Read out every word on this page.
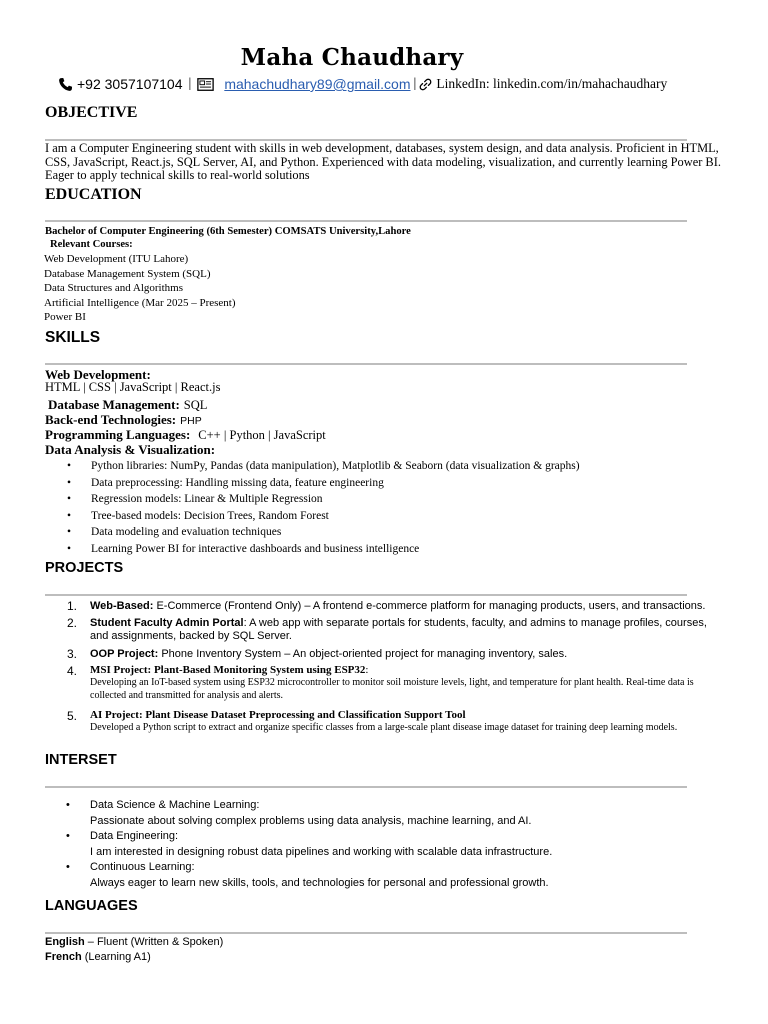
Maha Chaudhary
+92 3057107104 | mahachudhary89@gmail.com | LinkedIn: linkedin.com/in/mahachaudhary
OBJECTIVE
I am a Computer Engineering student with skills in web development, databases, system design, and data analysis. Proficient in HTML, CSS, JavaScript, React.js, SQL Server, AI, and Python. Experienced with data modeling, visualization, and currently learning Power BI. Eager to apply technical skills to real-world solutions
EDUCATION
Bachelor of Computer Engineering (6th Semester) COMSATS University,Lahore
Relevant Courses:
Web Development (ITU Lahore)
Database Management System (SQL)
Data Structures and Algorithms
Artificial Intelligence (Mar 2025 – Present)
Power BI
SKILLS
Web Development:
HTML | CSS | JavaScript | React.js
Database Management: SQL
Back-end Technologies: PHP
Programming Languages: C++ | Python | JavaScript
Data Analysis & Visualization:
• Python libraries: NumPy, Pandas (data manipulation), Matplotlib & Seaborn (data visualization & graphs)
• Data preprocessing: Handling missing data, feature engineering
• Regression models: Linear & Multiple Regression
• Tree-based models: Decision Trees, Random Forest
• Data modeling and evaluation techniques
• Learning Power BI for interactive dashboards and business intelligence
PROJECTS
1. Web-Based: E-Commerce (Frontend Only) – A frontend e-commerce platform for managing products, users, and transactions.
2. Student Faculty Admin Portal: A web app with separate portals for students, faculty, and admins to manage profiles, courses, and assignments, backed by SQL Server.
3. OOP Project: Phone Inventory System – An object-oriented project for managing inventory, sales.
4. MSI Project: Plant-Based Monitoring System using ESP32:
Developing an IoT-based system using ESP32 microcontroller to monitor soil moisture levels, light, and temperature for plant health. Real-time data is collected and transmitted for analysis and alerts.
5. AI Project: Plant Disease Dataset Preprocessing and Classification Support Tool
Developed a Python script to extract and organize specific classes from a large-scale plant disease image dataset for training deep learning models.
INTERSET
• Data Science & Machine Learning:
Passionate about solving complex problems using data analysis, machine learning, and AI.
• Data Engineering:
I am interested in designing robust data pipelines and working with scalable data infrastructure.
• Continuous Learning:
Always eager to learn new skills, tools, and technologies for personal and professional growth.
LANGUAGES
English – Fluent (Written & Spoken)
French (Learning A1)
